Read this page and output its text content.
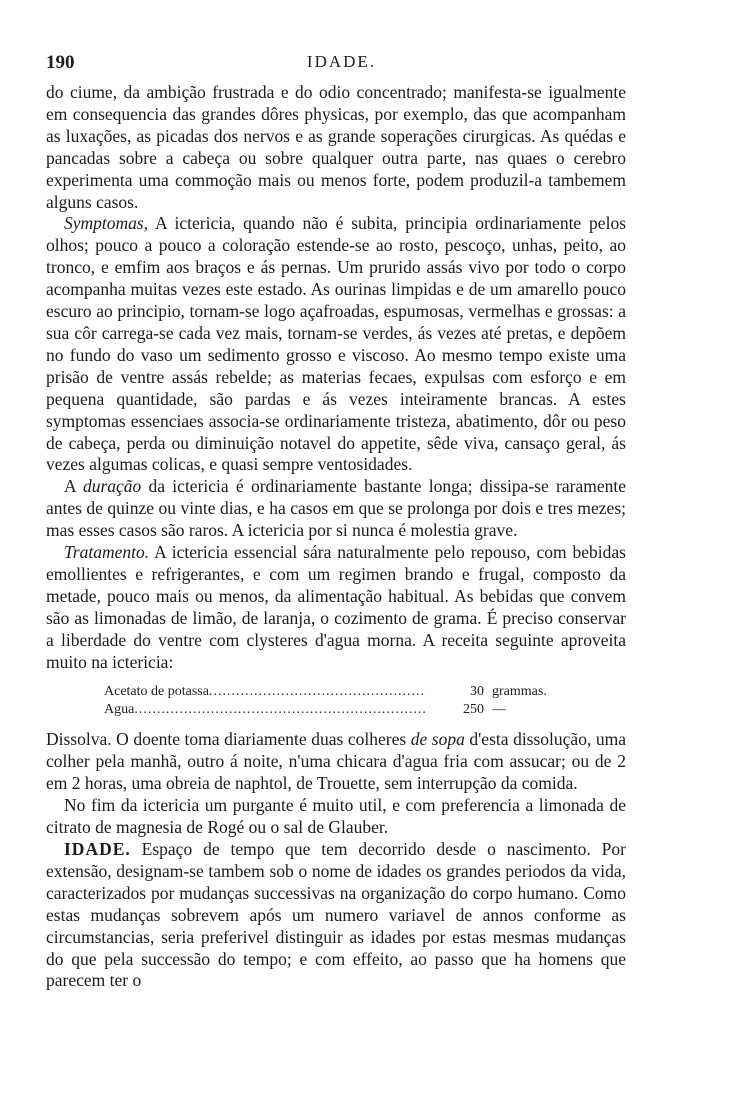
190	IDADE.

do ciume, da ambição frustrada e do odio concentrado; manifesta-se igualmente em consequencia das grandes dôres physicas, por exemplo, das que acompanham as luxações, as picadas dos nervos e as grande soperações cirurgicas. As quédas e pancadas sobre a cabeça ou sobre qualquer outra parte, nas quaes o cerebro experimenta uma commoção mais ou menos forte, podem produzil-a tambemem alguns casos.

Symptomas, A ictericia, quando não é subita, principia ordinariamente pelos olhos; pouco a pouco a coloração estende-se ao rosto, pescoço, unhas, peito, ao tronco, e emfim aos braços e ás pernas. Um prurido assás vivo por todo o corpo acompanha muitas vezes este estado. As ourinas limpidas e de um amarello pouco escuro ao principio, tornam-se logo açafroadas, espumosas, vermelhas e grossas: a sua côr carrega-se cada vez mais, tornam-se verdes, ás vezes até pretas, e depõem no fundo do vaso um sedimento grosso e viscoso. Ao mesmo tempo existe uma prisão de ventre assás rebelde; as materias fecaes, expulsas com esforço e em pequena quantidade, são pardas e ás vezes inteiramente brancas. A estes symptomas essenciaes associa-se ordinariamente tristeza, abatimento, dôr ou peso de cabeça, perda ou diminuição notavel do appetite, sêde viva, cansaço geral, ás vezes algumas colicas, e quasi sempre ventosidades.

A duração da ictericia é ordinariamente bastante longa; dissipa-se raramente antes de quinze ou vinte dias, e ha casos em que se prolonga por dois e tres mezes; mas esses casos são raros. A ictericia por si nunca é molestia grave.

Tratamento. A ictericia essencial sára naturalmente pelo repouso, com bebidas emollientes e refrigerantes, e com um regimen brando e frugal, composto da metade, pouco mais ou menos, da alimentação habitual. As bebidas que convem são as limonadas de limão, de laranja, o cozimento de grama. É preciso conservar a liberdade do ventre com clysteres d'agua morna. A receita seguinte aproveita muito na ictericia:

Acetato de potassa .....	30 grammas.
Agua .....	250 —

Dissolva. O doente toma diariamente duas colheres de sopa d'esta dissolução, uma colher pela manhã, outro á noite, n'uma chicara d'agua fria com assucar; ou de 2 em 2 horas, uma obreia de naphtol, de Trouette, sem interrupção da comida.

No fim da ictericia um purgante é muito util, e com preferencia a limonada de citrato de magnesia de Rogé ou o sal de Glauber.

IDADE. Espaço de tempo que tem decorrido desde o nascimento. Por extensão, designam-se tambem sob o nome de idades os grandes periodos da vida, caracterizados por mudanças successivas na organização do corpo humano. Como estas mudanças sobrevem após um numero variavel de annos conforme as circumstancias, seria preferivel distinguir as idades por estas mesmas mudanças do que pela successão do tempo; e com effeito, ao passo que ha homens que parecem ter o
